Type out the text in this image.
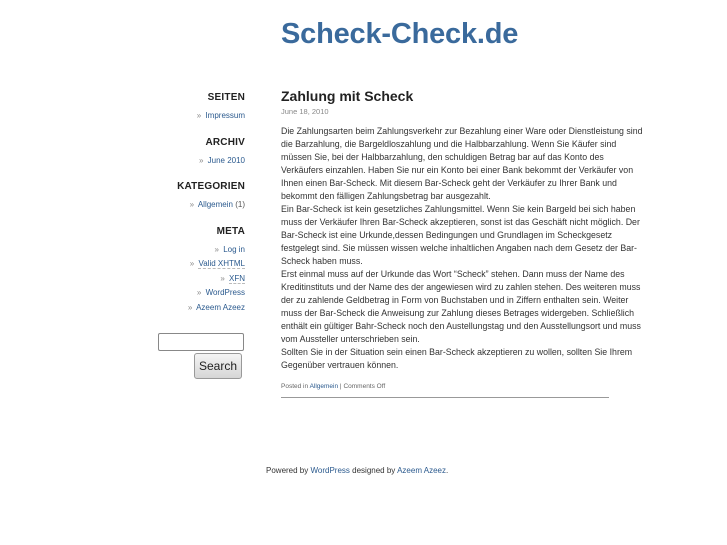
Scheck-Check.de
SEITEN
» Impressum
ARCHIV
» June 2010
KATEGORIEN
» Allgemein (1)
META
» Log in
» Valid XHTML
» XFN
» WordPress
» Azeem Azeez
Search
Zahlung mit Scheck
June 18, 2010

Die Zahlungsarten beim Zahlungsverkehr zur Bezahlung einer Ware oder Dienstleistung sind die Barzahlung, die Bargeldloszahlung und die Halbbarzahlung. Wenn Sie Käufer sind müssen Sie, bei der Halbbarzahlung, den schuldigen Betrag bar auf das Konto des Verkäufers einzahlen. Haben Sie nur ein Konto bei einer Bank bekommt der Verkäufer von Ihnen einen Bar-Scheck. Mit diesem Bar-Scheck geht der Verkäufer zu Ihrer Bank und bekommt den fälligen Zahlungsbetrag bar ausgezahlt.

Ein Bar-Scheck ist kein gesetzliches Zahlungsmittel. Wenn Sie kein Bargeld bei sich haben muss der Verkäufer Ihren Bar-Scheck akzeptieren, sonst ist das Geschäft nicht möglich. Der Bar-Scheck ist eine Urkunde,dessen Bedingungen und Grundlagen im Scheckgesetz festgelegt sind. Sie müssen wissen welche inhaltlichen Angaben nach dem Gesetz der Bar-Scheck haben muss.

Erst einmal muss auf der Urkunde das Wort “Scheck” stehen. Dann muss der Name des Kreditinstituts und der Name des der angewiesen wird zu zahlen stehen. Des weiteren muss der zu zahlende Geldbetrag in Form von Buchstaben und in Ziffern enthalten sein. Weiter muss der Bar-Scheck die Anweisung zur Zahlung dieses Betrages widergeben. Schließlich enthält ein gültiger Bahr-Scheck noch den Austellungstag und den Ausstellungsort und muss vom Aussteller unterschrieben sein.

Sollten Sie in der Situation sein einen Bar-Scheck akzeptieren zu wollen, sollten Sie Ihrem Gegenüber vertrauen können.

Posted in Allgemein | Comments Off
Powered by WordPress designed by Azeem Azeez.
